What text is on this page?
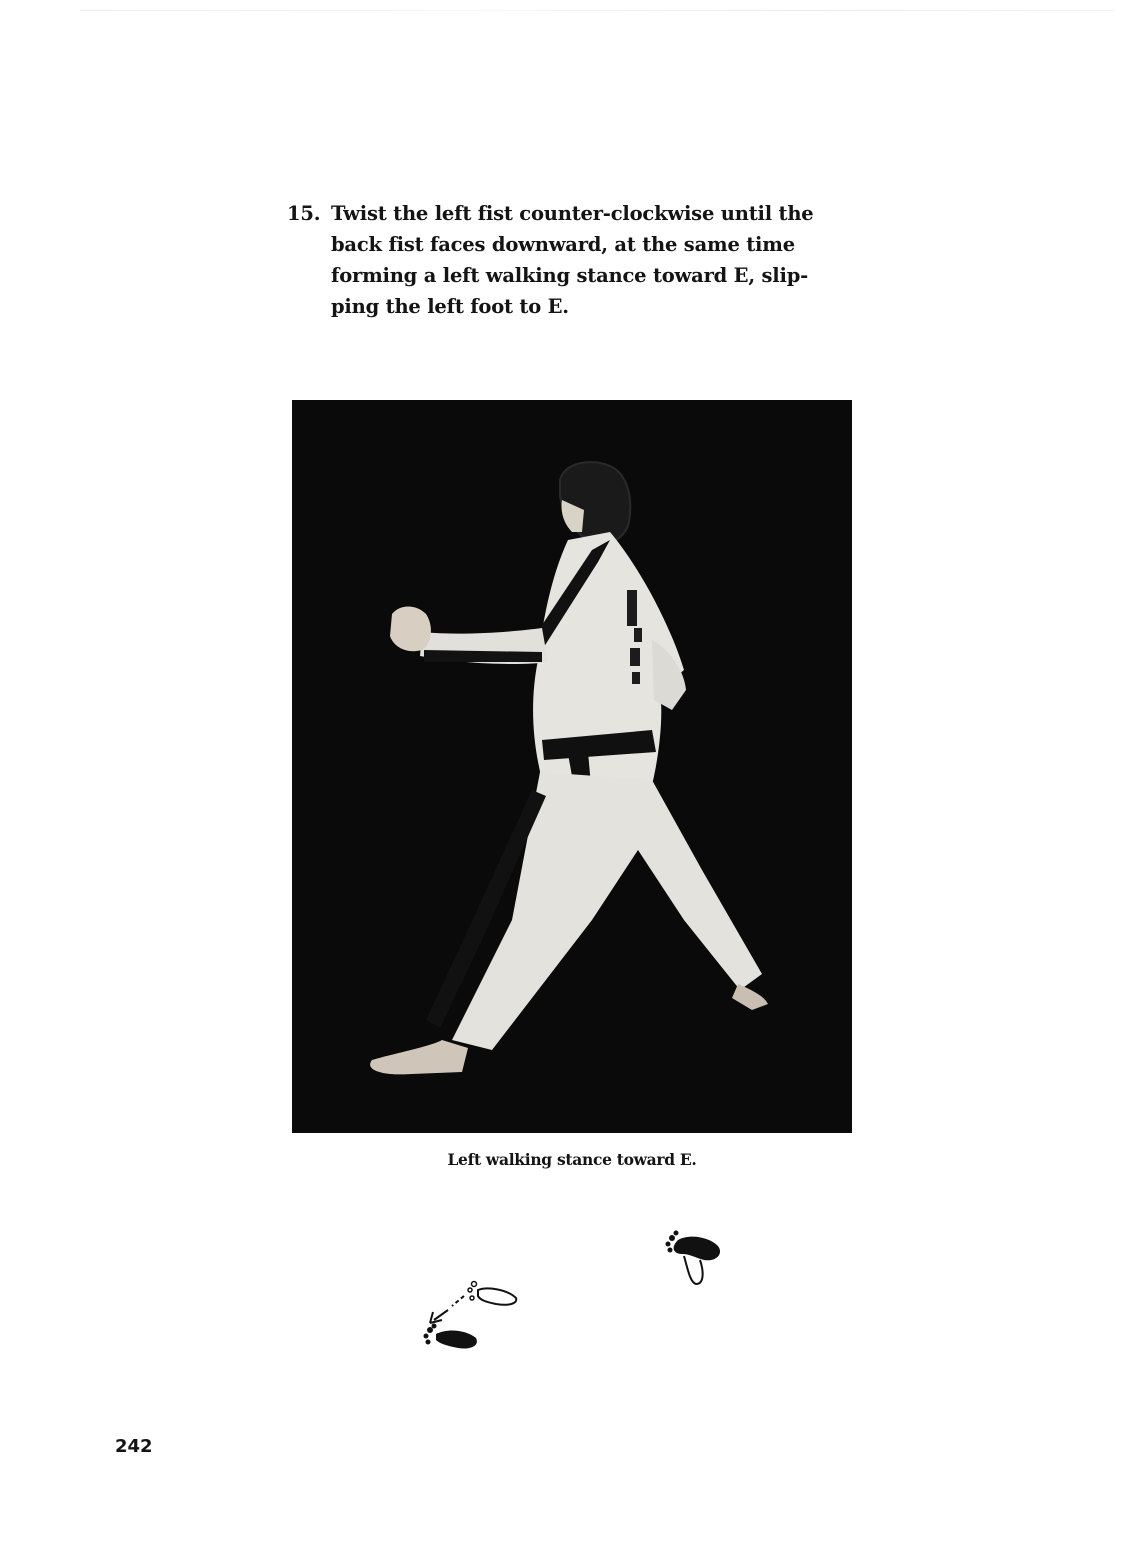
15. Twist the left fist counter-clockwise until the
back fist faces downward, at the same time
forming a left walking stance toward E, slip-
ping the left foot to E.
Left walking stance toward E.
242
